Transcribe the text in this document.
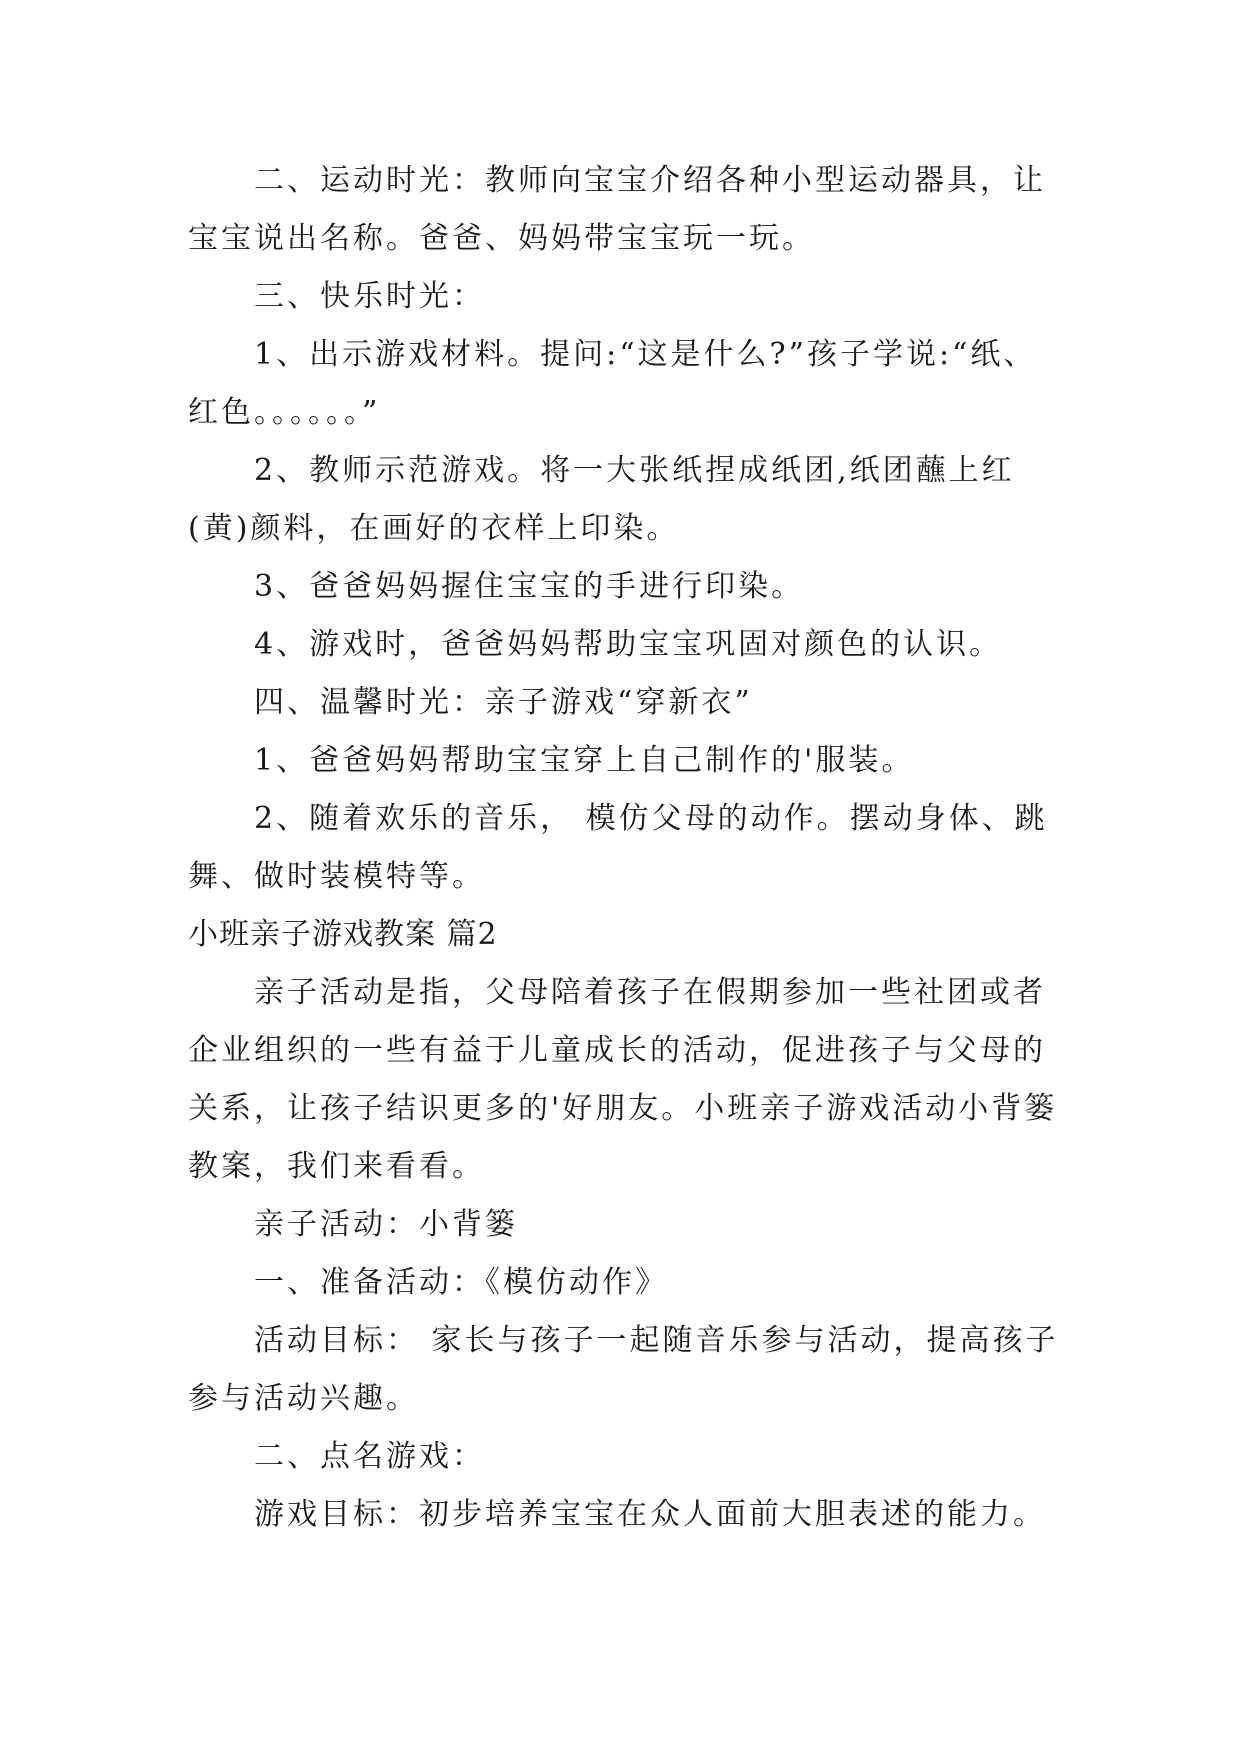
二、运动时光：教师向宝宝介绍各种小型运动器具，让宝宝说出名称。爸爸、妈妈带宝宝玩一玩。

三、快乐时光：

1、出示游戏材料。提问:“这是什么?”孩子学说:“纸、红色。。。。。。”

2、教师示范游戏。将一大张纸捏成纸团,纸团蘸上红(黄)颜料，在画好的衣样上印染。

3、爸爸妈妈握住宝宝的手进行印染。

4、游戏时，爸爸妈妈帮助宝宝巩固对颜色的认识。

四、温馨时光：亲子游戏“穿新衣”

1、爸爸妈妈帮助宝宝穿上自己制作的'服装。

2、随着欢乐的音乐， 模仿父母的动作。摆动身体、跳舞、做时装模特等。

小班亲子游戏教案 篇2

亲子活动是指，父母陪着孩子在假期参加一些社团或者企业组织的一些有益于儿童成长的活动，促进孩子与父母的关系，让孩子结识更多的'好朋友。小班亲子游戏活动小背篓教案，我们来看看。

亲子活动：小背篓

一、准备活动：《模仿动作》

活动目标： 家长与孩子一起随音乐参与活动，提高孩子参与活动兴趣。

二、点名游戏：

游戏目标：初步培养宝宝在众人面前大胆表述的能力。
